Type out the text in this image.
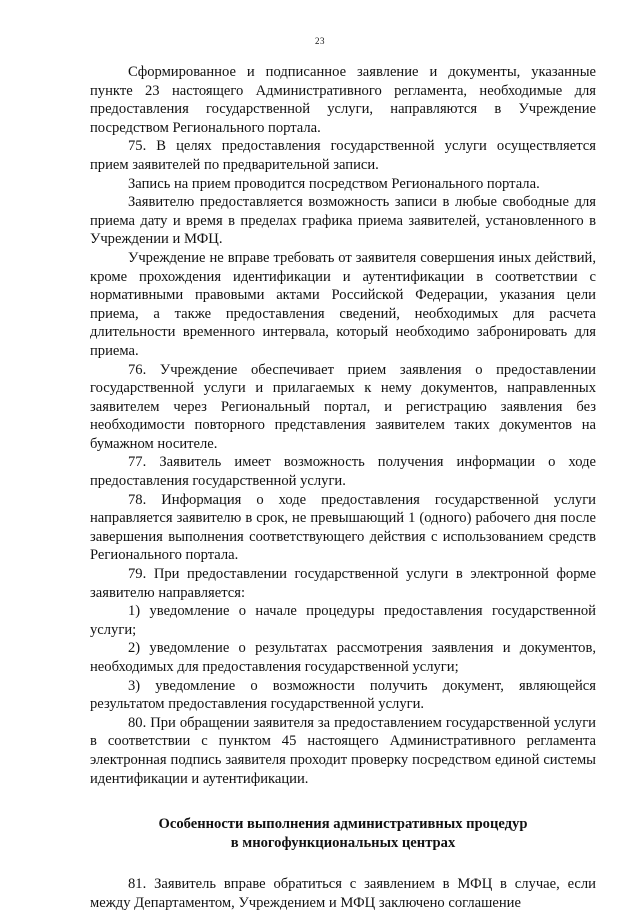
23

Сформированное и подписанное заявление и документы, указанные пункте 23 настоящего Административного регламента, необходимые для предоставления государственной услуги, направляются в Учреждение посредством Регионального портала.

75. В целях предоставления государственной услуги осуществляется прием заявителей по предварительной записи.

Запись на прием проводится посредством Регионального портала.

Заявителю предоставляется возможность записи в любые свободные для приема дату и время в пределах графика приема заявителей, установленного в Учреждении и МФЦ.

Учреждение не вправе требовать от заявителя совершения иных действий, кроме прохождения идентификации и аутентификации в соответствии с нормативными правовыми актами Российской Федерации, указания цели приема, а также предоставления сведений, необходимых для расчета длительности временного интервала, который необходимо забронировать для приема.

76. Учреждение обеспечивает прием заявления о предоставлении государственной услуги и прилагаемых к нему документов, направленных заявителем через Региональный портал, и регистрацию заявления без необходимости повторного представления заявителем таких документов на бумажном носителе.

77. Заявитель имеет возможность получения информации о ходе предоставления государственной услуги.

78. Информация о ходе предоставления государственной услуги направляется заявителю в срок, не превышающий 1 (одного) рабочего дня после завершения выполнения соответствующего действия с использованием средств Регионального портала.

79. При предоставлении государственной услуги в электронной форме заявителю направляется:

1) уведомление о начале процедуры предоставления государственной услуги;

2) уведомление о результатах рассмотрения заявления и документов, необходимых для предоставления государственной услуги;

3) уведомление о возможности получить документ, являющейся результатом предоставления государственной услуги.

80. При обращении заявителя за предоставлением государственной услуги в соответствии с пунктом 45 настоящего Административного регламента электронная подпись заявителя проходит проверку посредством единой системы идентификации и аутентификации.

Особенности выполнения административных процедур
в многофункциональных центрах

81. Заявитель вправе обратиться с заявлением в МФЦ в случае, если между Департаментом, Учреждением и МФЦ заключено соглашение
